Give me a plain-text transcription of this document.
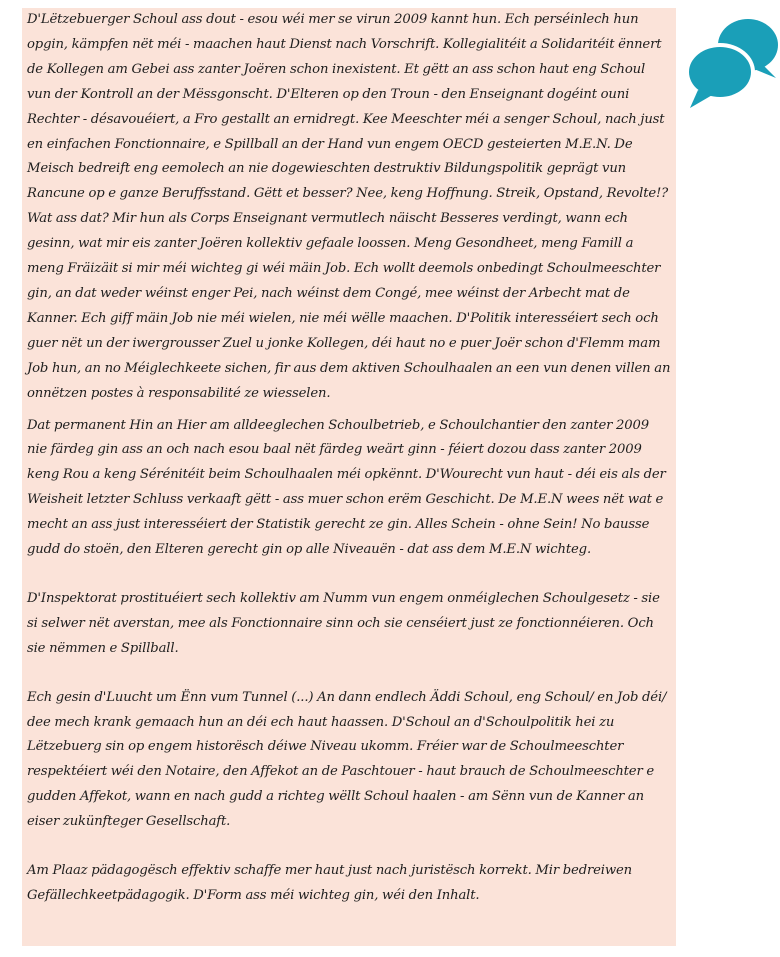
D'Lëtzebuerger Schoul ass dout - esou wéi mer se virun 2009 kannt hun. Ech perséinlech hun opgin, kämpfen nët méi - maachen haut Dienst nach Vorschrift. Kollegialitéit a Solidaritéit ënnert de Kollegen am Gebei ass zanter Joëren schon inexistent. Et gëtt an ass schon haut eng Schoul vun der Kontroll an der Mëssgonscht. D'Elteren op den Troun - den Enseignant dogéint ouni Rechter - désavouéiert, a Fro gestallt an ernidregt. Kee Meeschter méi a senger Schoul, nach just en einfachen Fonctionnaire, e Spillball an der Hand vun engem OECD gesteierten M.E.N. De Meisch bedreift eng eemolech an nie dogewieschten destruktiv Bildungspolitik geprägt vun Rancune op e ganze Beruffsstand. Gëtt et besser? Nee, keng Hoffnung. Streik, Opstand, Revolte!? Wat ass dat? Mir hun als Corps Enseignant vermutlech näischt Besseres verdingt, wann ech gesinn, wat mir eis zanter Joëren kollektiv gefaale loossen. Meng Gesondheet, meng Famill a meng Fräizäit si mir méi wichteg gi wéi mäin Job. Ech wollt deemols onbedingt Schoulmeeschter gin, an dat weder wéinst enger Pei, nach wéinst dem Congé, mee wéinst der Arbecht mat de Kanner. Ech giff mäin Job nie méi wielen, nie méi wëlle maachen. D'Politik interesséiert sech och guer nët un der iwergrousser Zuel u jonke Kollegen, déi haut no e puer Joër schon d'Flemm mam Job hun, an no Méiglechkeete sichen, fir aus dem aktiven Schoulhaalen an een vun denen villen an onnëtzen postes à responsabilité ze wiesselen.

Dat permanent Hin an Hier am alldeeglechen Schoulbetrieb, e Schoulchantier den zanter 2009 nie färdeg gin ass an och nach esou baal nët färdeg weärt ginn - féiert dozou dass zanter 2009 keng Rou a keng Sérénitéit beim Schoulhaalen méi opkënnt. D'Wourecht vun haut - déi eis als der Weisheit letzter Schluss verkaaft gëtt - ass muer schon erëm Geschicht. De M.E.N wees nët wat e mecht an ass just interesséiert der Statistik gerecht ze gin. Alles Schein - ohne Sein! No bausse gudd do stoën, den Elteren gerecht gin op alle Niveauën - dat ass dem M.E.N wichteg.

D'Inspektorat prostituéiert sech kollektiv am Numm vun engem onméiglechen Schoulgesetz - sie si selwer nët averstan, mee als Fonctionnaire sinn och sie censéiert just ze fonctionnéieren. Och sie nëmmen e Spillball.

Ech gesin d'Luucht um Ënn vum Tunnel (...) An dann endlech Äddi Schoul, eng Schoul/ en Job déi/ dee mech krank gemaach hun an déi ech haut haassen. D'Schoul an d'Schoulpolitik hei zu Lëtzebuerg sin op engem historësch déiwe Niveau ukomm. Fréier war de Schoulmeeschter respektéiert wéi den Notaire, den Affekot an de Paschtouer - haut brauch de Schoulmeeschter e gudden Affekot, wann en nach gudd a richteg wëllt Schoul haalen - am Sënn vun de Kanner an eiser zukünfteger Gesellschaft.

Am Plaaz pädagogësch effektiv schaffe mer haut just nach juristësch korrekt. Mir bedreiwen Gefällechkeetpädagogik. D'Form ass méi wichteg gin, wéi den Inhalt.
